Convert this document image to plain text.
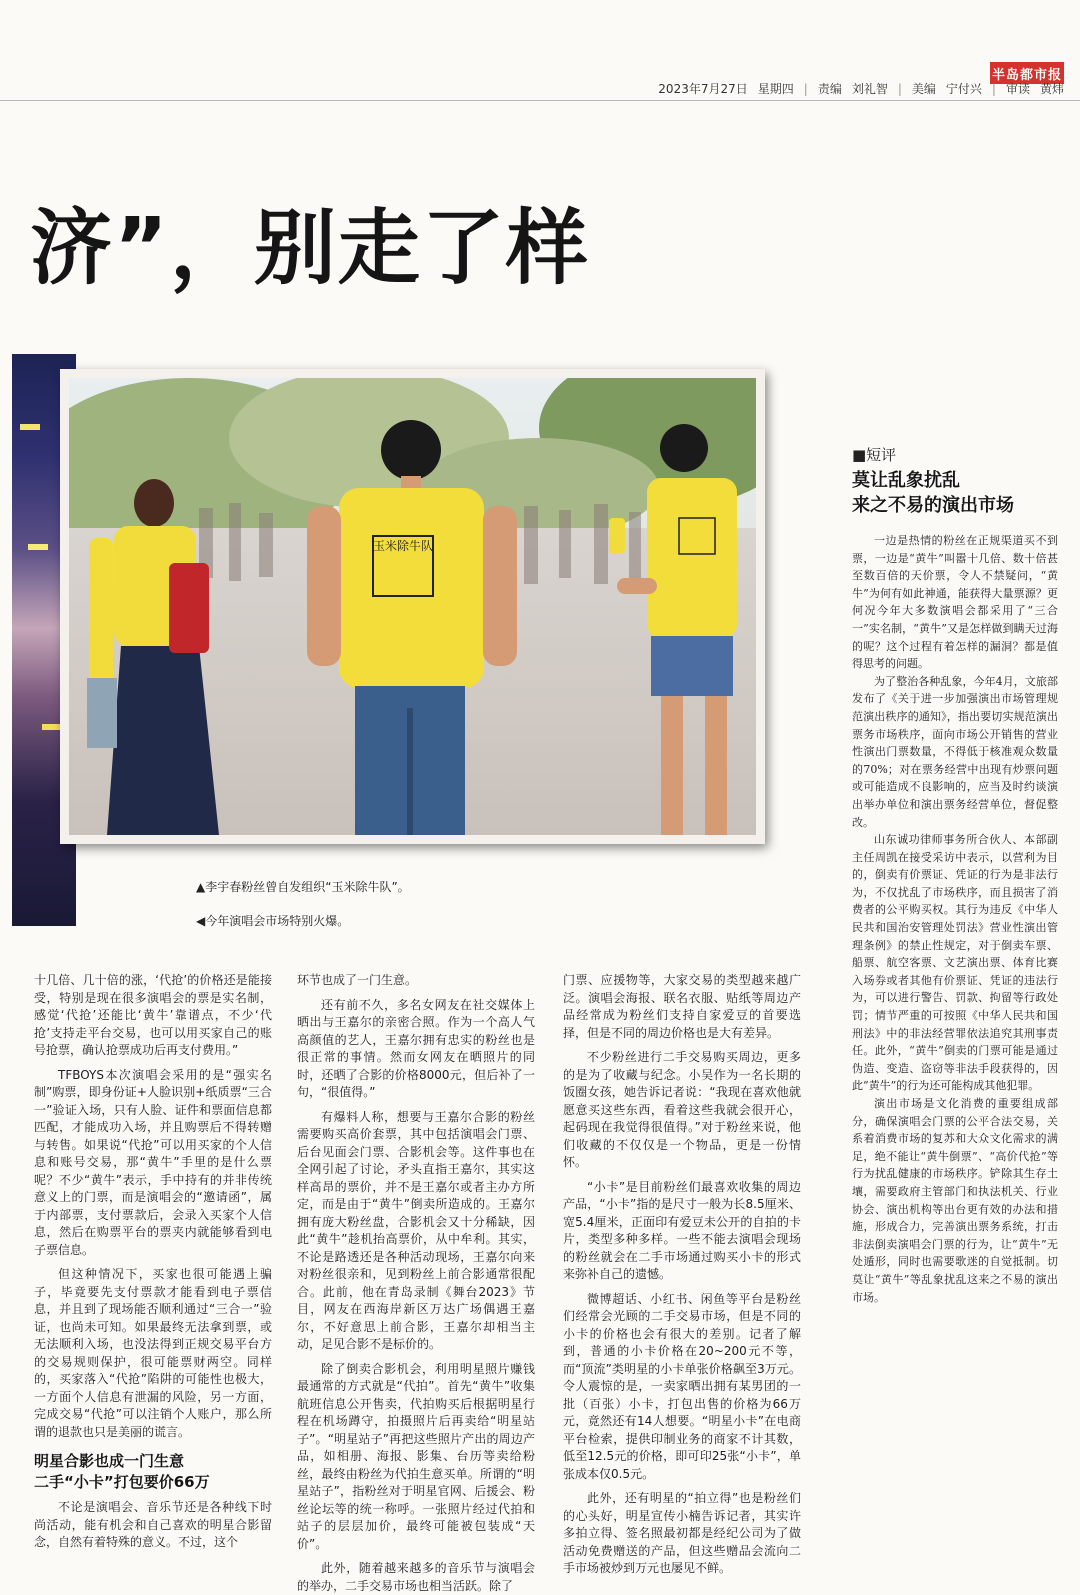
半岛都市报
2023年7月27日 星期四 | 责编 刘礼智 | 美编 宁付兴 | 审读 黄炜
济”，别走了样
玉米除牛队
▲李宇春粉丝曾自发组织“玉米除牛队”。
◀今年演唱会市场特别火爆。
■短评
莫让乱象扰乱
来之不易的演出市场

一边是热情的粉丝在正规渠道买不到票，一边是“黄牛”叫嚣十几倍、数十倍甚至数百倍的天价票，令人不禁疑问，“黄牛”为何有如此神通，能获得大量票源？更何况今年大多数演唱会都采用了“三合一”实名制，“黄牛”又是怎样做到瞒天过海的呢？这个过程有着怎样的漏洞？都是值得思考的问题。

为了整治各种乱象，今年4月，文旅部发布了《关于进一步加强演出市场管理规范演出秩序的通知》，指出要切实规范演出票务市场秩序，面向市场公开销售的营业性演出门票数量，不得低于核准观众数量的70%；对在票务经营中出现有炒票问题或可能造成不良影响的，应当及时约谈演出举办单位和演出票务经营单位，督促整改。

山东诚功律师事务所合伙人、本部副主任周凯在接受采访中表示，以营利为目的，倒卖有价票证、凭证的行为是非法行为，不仅扰乱了市场秩序，而且损害了消费者的公平购买权。其行为违反《中华人民共和国治安管理处罚法》营业性演出管理条例》的禁止性规定，对于倒卖车票、船票、航空客票、文艺演出票、体育比赛入场券或者其他有价票证、凭证的违法行为，可以进行警告、罚款、拘留等行政处罚；情节严重的可按照《中华人民共和国刑法》中的非法经营罪依法追究其刑事责任。此外，“黄牛”倒卖的门票可能是通过伪造、变造、盗窃等非法手段获得的，因此“黄牛”的行为还可能构成其他犯罪。

演出市场是文化消费的重要组成部分，确保演唱会门票的公平合法交易，关系着消费市场的复苏和大众文化需求的满足，绝不能让“黄牛倒票”、“高价代抢”等行为扰乱健康的市场秩序。铲除其生存土壤，需要政府主管部门和执法机关、行业协会、演出机构等出台更有效的办法和措施，形成合力，完善演出票务系统，打击非法倒卖演唱会门票的行为，让“黄牛”无处遁形，同时也需要歌迷的自觉抵制。切莫让“黄牛”等乱象扰乱这来之不易的演出市场。

十几倍、几十倍的涨，‘代抢’的价格还是能接受，特别是现在很多演唱会的票是实名制，感觉‘代抢’还能比‘黄牛’靠谱点，不少‘代抢’支持走平台交易，也可以用买家自己的账号抢票，确认抢票成功后再支付费用。”

TFBOYS本次演唱会采用的是“强实名制”购票，即身份证+人脸识别+纸质票“三合一”验证入场，只有人脸、证件和票面信息都匹配，才能成功入场，并且购票后不得转赠与转售。如果说“代抢”可以用买家的个人信息和账号交易，那“黄牛”手里的是什么票呢？不少“黄牛”表示，手中持有的并非传统意义上的门票，而是演唱会的“邀请函”，属于内部票，支付票款后，会录入买家个人信息，然后在购票平台的票夹内就能够看到电子票信息。

但这种情况下，买家也很可能遇上骗子，毕竟要先支付票款才能看到电子票信息，并且到了现场能否顺利通过“三合一”验证，也尚未可知。如果最终无法拿到票，或无法顺利入场，也没法得到正规交易平台方的交易规则保护，很可能票财两空。同样的，买家落入“代抢”陷阱的可能性也极大，一方面个人信息有泄漏的风险，另一方面，完成交易“代抢”可以注销个人账户，那么所谓的退款也只是美丽的谎言。

明星合影也成一门生意
二手“小卡”打包要价66万

不论是演唱会、音乐节还是各种线下时尚活动，能有机会和自己喜欢的明星合影留念，自然有着特殊的意义。不过，这个

环节也成了一门生意。

还有前不久，多名女网友在社交媒体上晒出与王嘉尔的亲密合照。作为一个高人气高颜值的艺人，王嘉尔拥有忠实的粉丝也是很正常的事情。然而女网友在晒照片的同时，还晒了合影的价格8000元，但后补了一句，“很值得。”

有爆料人称，想要与王嘉尔合影的粉丝需要购买高价套票，其中包括演唱会门票、后台见面会门票、合影机会等。这件事也在全网引起了讨论，矛头直指王嘉尔，其实这样高昂的票价，并不是王嘉尔或者主办方所定，而是由于“黄牛”倒卖所造成的。王嘉尔拥有庞大粉丝盘，合影机会又十分稀缺，因此“黄牛”趁机抬高票价，从中牟利。其实，不论是路透还是各种活动现场，王嘉尔向来对粉丝很亲和，见到粉丝上前合影通常很配合。此前，他在青岛录制《舞台2023》节目，网友在西海岸新区万达广场偶遇王嘉尔，不好意思上前合影，王嘉尔却相当主动，足见合影不是标价的。

除了倒卖合影机会，利用明星照片赚钱最通常的方式就是“代拍”。首先“黄牛”收集航班信息公开售卖，代拍购买后根据明星行程在机场蹲守，拍摄照片后再卖给“明星站子”。“明星站子”再把这些照片产出的周边产品，如相册、海报、影集、台历等卖给粉丝，最终由粉丝为代拍生意买单。所谓的“明星站子”，指粉丝对于明星官网、后援会、粉丝论坛等的统一称呼。一张照片经过代拍和站子的层层加价，最终可能被包装成“天价”。

此外，随着越来越多的音乐节与演唱会的举办，二手交易市场也相当活跃。除了

门票、应援物等，大家交易的类型越来越广泛。演唱会海报、联名衣服、贴纸等周边产品经常成为粉丝们支持自家爱豆的首要选择，但是不同的周边价格也是大有差异。

不少粉丝进行二手交易购买周边，更多的是为了收藏与纪念。小吴作为一名长期的饭圈女孩，她告诉记者说：“我现在喜欢他就愿意买这些东西，看着这些我就会很开心，起码现在我觉得很值得。”对于粉丝来说，他们收藏的不仅仅是一个物品，更是一份情怀。

“小卡”是目前粉丝们最喜欢收集的周边产品，“小卡”指的是尺寸一般为长8.5厘米、宽5.4厘米，正面印有爱豆未公开的自拍的卡片，类型多种多样。一些不能去演唱会现场的粉丝就会在二手市场通过购买小卡的形式来弥补自己的遗憾。

微博超话、小红书、闲鱼等平台是粉丝们经常会光顾的二手交易市场，但是不同的小卡的价格也会有很大的差别。记者了解到，普通的小卡价格在20~200元不等，而“顶流”类明星的小卡单张价格飙至3万元。令人震惊的是，一卖家晒出拥有某男团的一批（百张）小卡，打包出售的价格为66万元，竟然还有14人想要。“明星小卡”在电商平台检索，提供印制业务的商家不计其数，低至12.5元的价格，即可印25张“小卡”，单张成本仅0.5元。

此外，还有明星的“拍立得”也是粉丝们的心头好，明星宣传小楠告诉记者，其实许多拍立得、签名照最初都是经纪公司为了做活动免费赠送的产品，但这些赠品会流向二手市场被炒到万元也屡见不鲜。
